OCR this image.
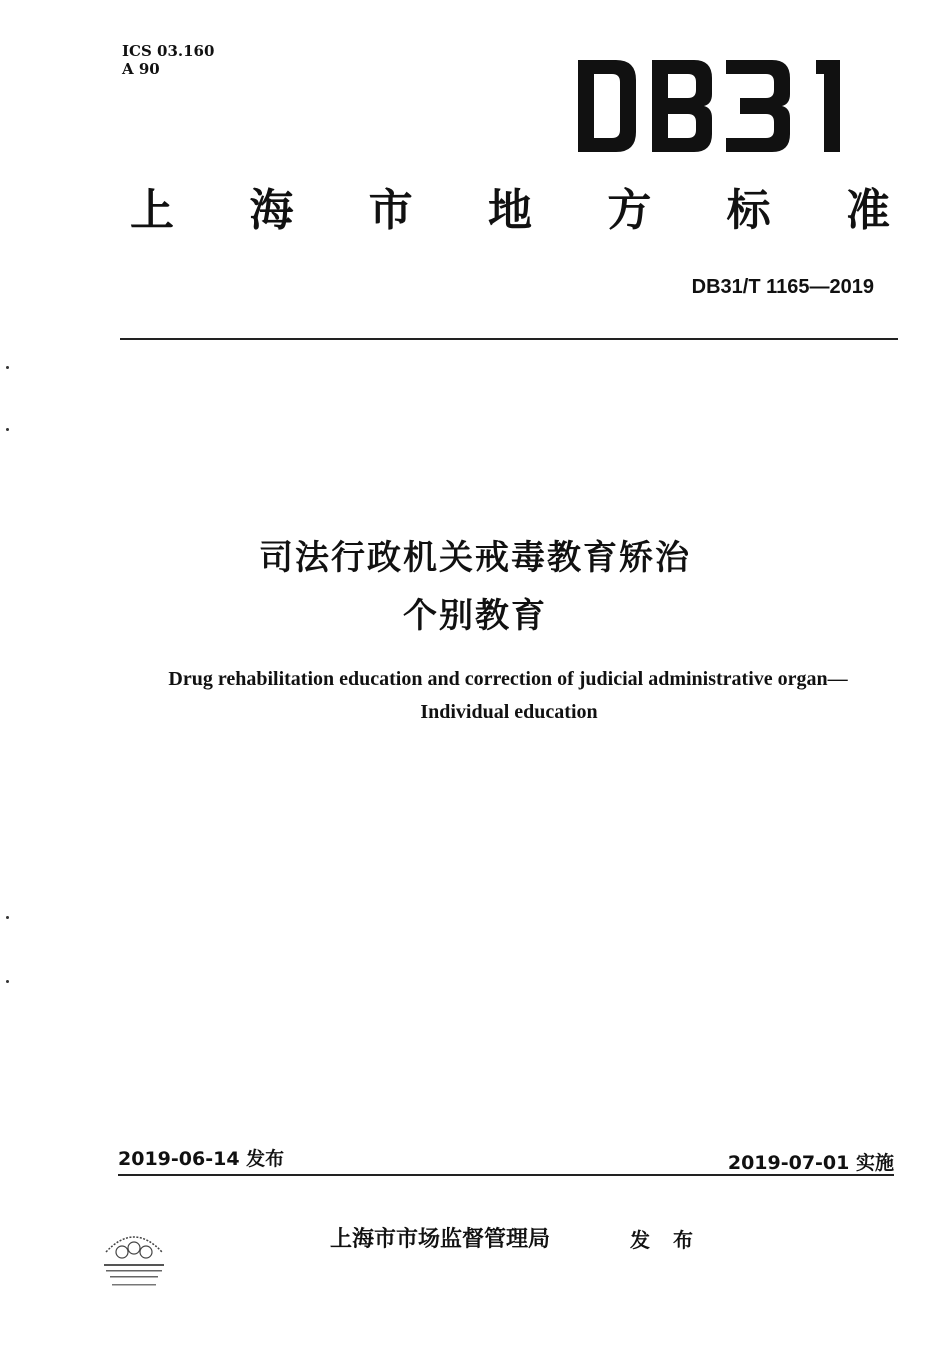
ICS 03.160
A 90
上 海 市 地 方 标 准
DB31/T 1165—2019
司法行政机关戒毒教育矫治
个别教育
Drug rehabilitation education and correction of judicial administrative organ—
Individual education
2019-06-14 发布	2019-07-01 实施
上海市市场监督管理局	发 布
